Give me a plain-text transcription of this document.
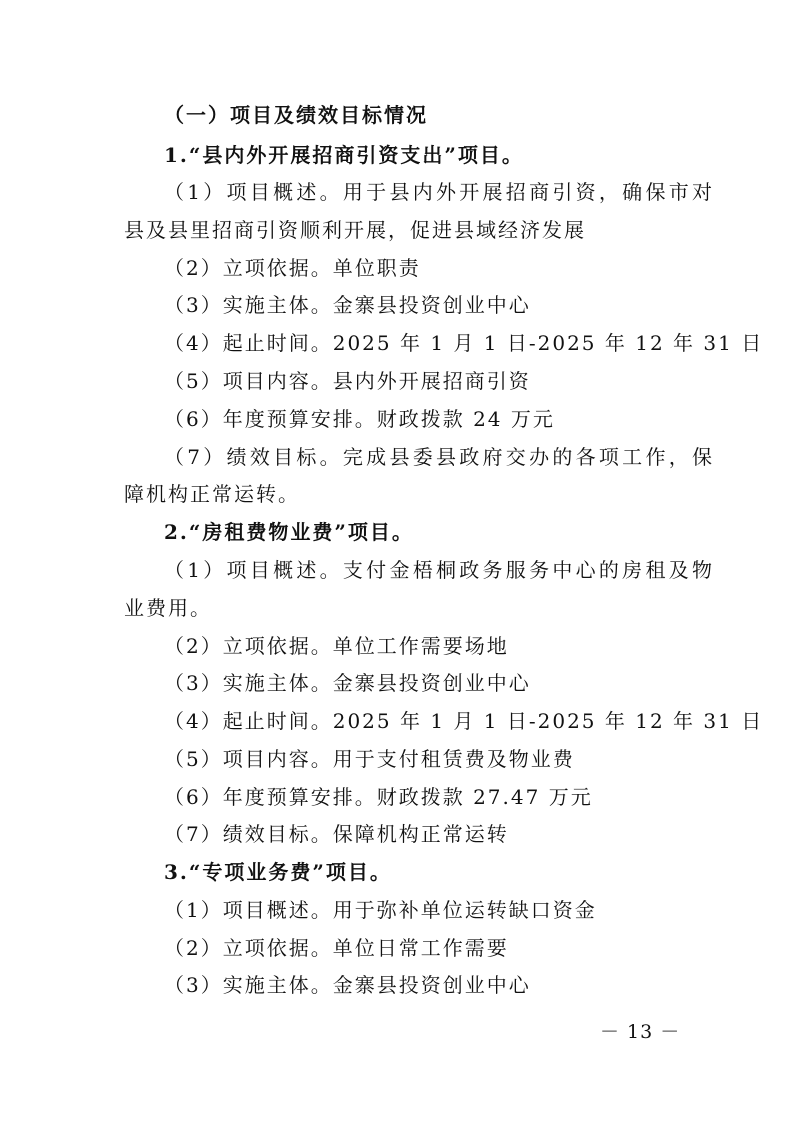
（一）项目及绩效目标情况
1.“县内外开展招商引资支出”项目。
（1）项目概述。用于县内外开展招商引资，确保市对
县及县里招商引资顺利开展，促进县域经济发展
（2）立项依据。单位职责
（3）实施主体。金寨县投资创业中心
（4）起止时间。2025 年 1 月 1 日-2025 年 12 年 31 日
（5）项目内容。县内外开展招商引资
（6）年度预算安排。财政拨款 24 万元
（7）绩效目标。完成县委县政府交办的各项工作，保
障机构正常运转。
2.“房租费物业费”项目。
（1）项目概述。支付金梧桐政务服务中心的房租及物
业费用。
（2）立项依据。单位工作需要场地
（3）实施主体。金寨县投资创业中心
（4）起止时间。2025 年 1 月 1 日-2025 年 12 年 31 日
（5）项目内容。用于支付租赁费及物业费
（6）年度预算安排。财政拨款 27.47 万元
（7）绩效目标。保障机构正常运转
3.“专项业务费”项目。
（1）项目概述。用于弥补单位运转缺口资金
（2）立项依据。单位日常工作需要
（3）实施主体。金寨县投资创业中心
－ 13 －
